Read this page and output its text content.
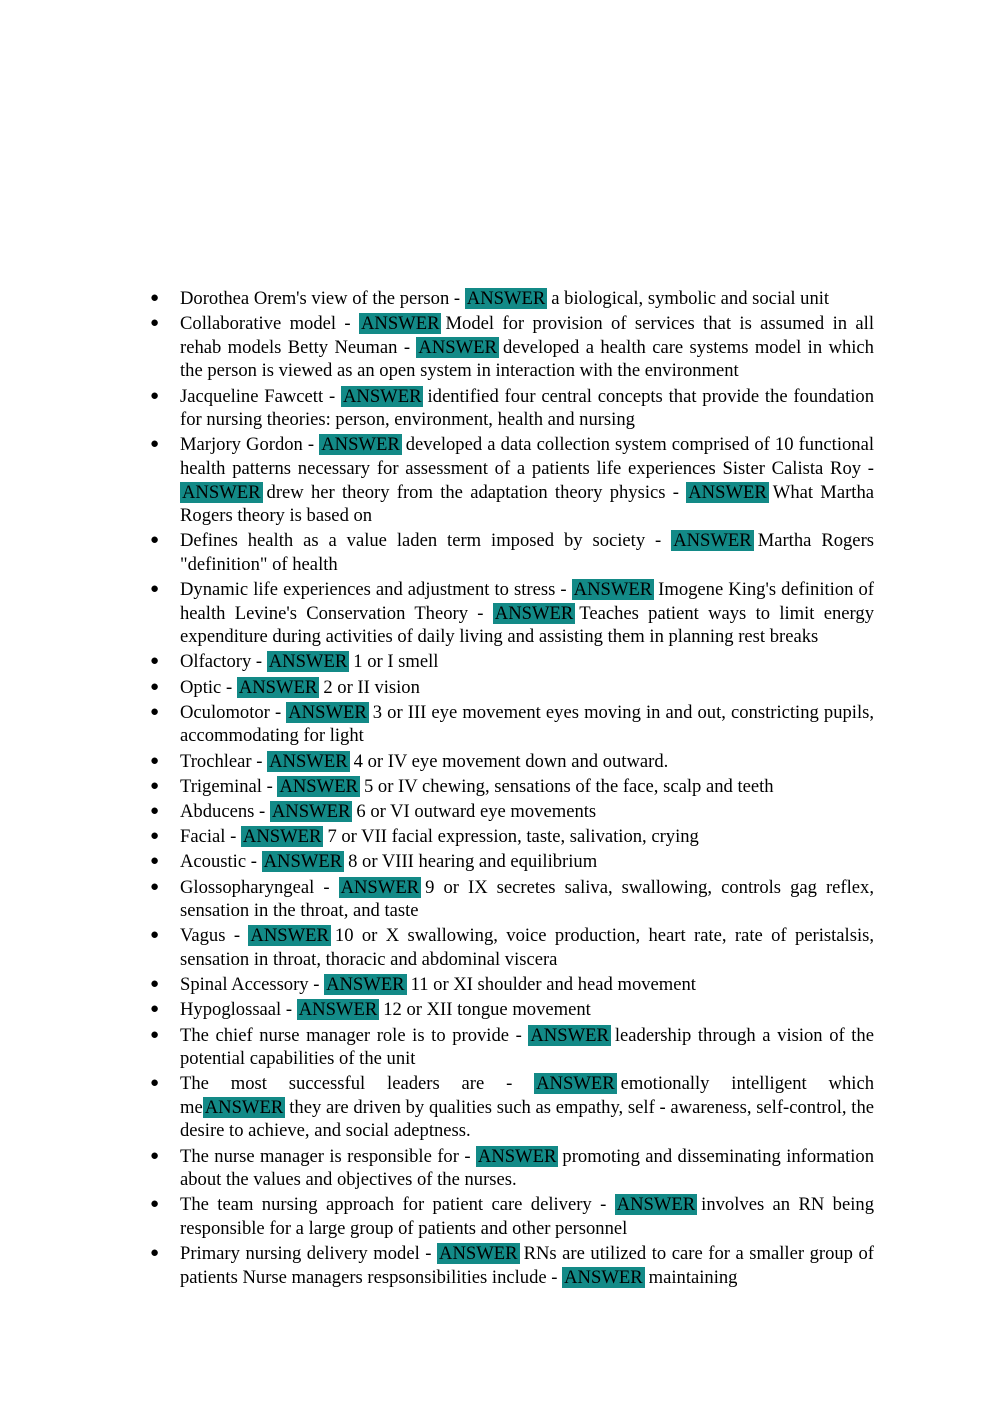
● Dorothea Orem's view of the person - ANSWER a biological, symbolic and social unit
● Collaborative model - ANSWER Model for provision of services that is assumed in all rehab models Betty Neuman - ANSWER developed a health care systems model in which the person is viewed as an open system in interaction with the environment
● Jacqueline Fawcett - ANSWER identified four central concepts that provide the foundation for nursing theories: person, environment, health and nursing
● Marjory Gordon - ANSWER developed a data collection system comprised of 10 functional health patterns necessary for assessment of a patients life experiences Sister Calista Roy - ANSWER drew her theory from the adaptation theory physics - ANSWER What Martha Rogers theory is based on
● Defines health as a value laden term imposed by society - ANSWER Martha Rogers "definition" of health
● Dynamic life experiences and adjustment to stress - ANSWER Imogene King's definition of health Levine's Conservation Theory - ANSWER Teaches patient ways to limit energy expenditure during activities of daily living and assisting them in planning rest breaks
● Olfactory - ANSWER 1 or I smell
● Optic - ANSWER 2 or II vision
● Oculomotor - ANSWER 3 or III eye movement eyes moving in and out, constricting pupils, accommodating for light
● Trochlear - ANSWER 4 or IV eye movement down and outward.
● Trigeminal - ANSWER 5 or IV chewing, sensations of the face, scalp and teeth
● Abducens - ANSWER 6 or VI outward eye movements
● Facial - ANSWER 7 or VII facial expression, taste, salivation, crying
● Acoustic - ANSWER 8 or VIII hearing and equilibrium
● Glossopharyngeal - ANSWER 9 or IX secretes saliva, swallowing, controls gag reflex, sensation in the throat, and taste
● Vagus - ANSWER 10 or X swallowing, voice production, heart rate, rate of peristalsis, sensation in throat, thoracic and abdominal viscera
● Spinal Accessory - ANSWER 11 or XI shoulder and head movement
● Hypoglossaal - ANSWER 12 or XII tongue movement
● The chief nurse manager role is to provide - ANSWER leadership through a vision of the potential capabilities of the unit
● The most successful leaders are - ANSWER emotionally intelligent which me ANSWER they are driven by qualities such as empathy, self - awareness, self-control, the desire to achieve, and social adeptness.
● The nurse manager is responsible for - ANSWER promoting and disseminating information about the values and objectives of the nurses.
● The team nursing approach for patient care delivery - ANSWER involves an RN being responsible for a large group of patients and other personnel
● Primary nursing delivery model - ANSWER RNs are utilized to care for a smaller group of patients Nurse managers respsonsibilities include - ANSWER maintaining
